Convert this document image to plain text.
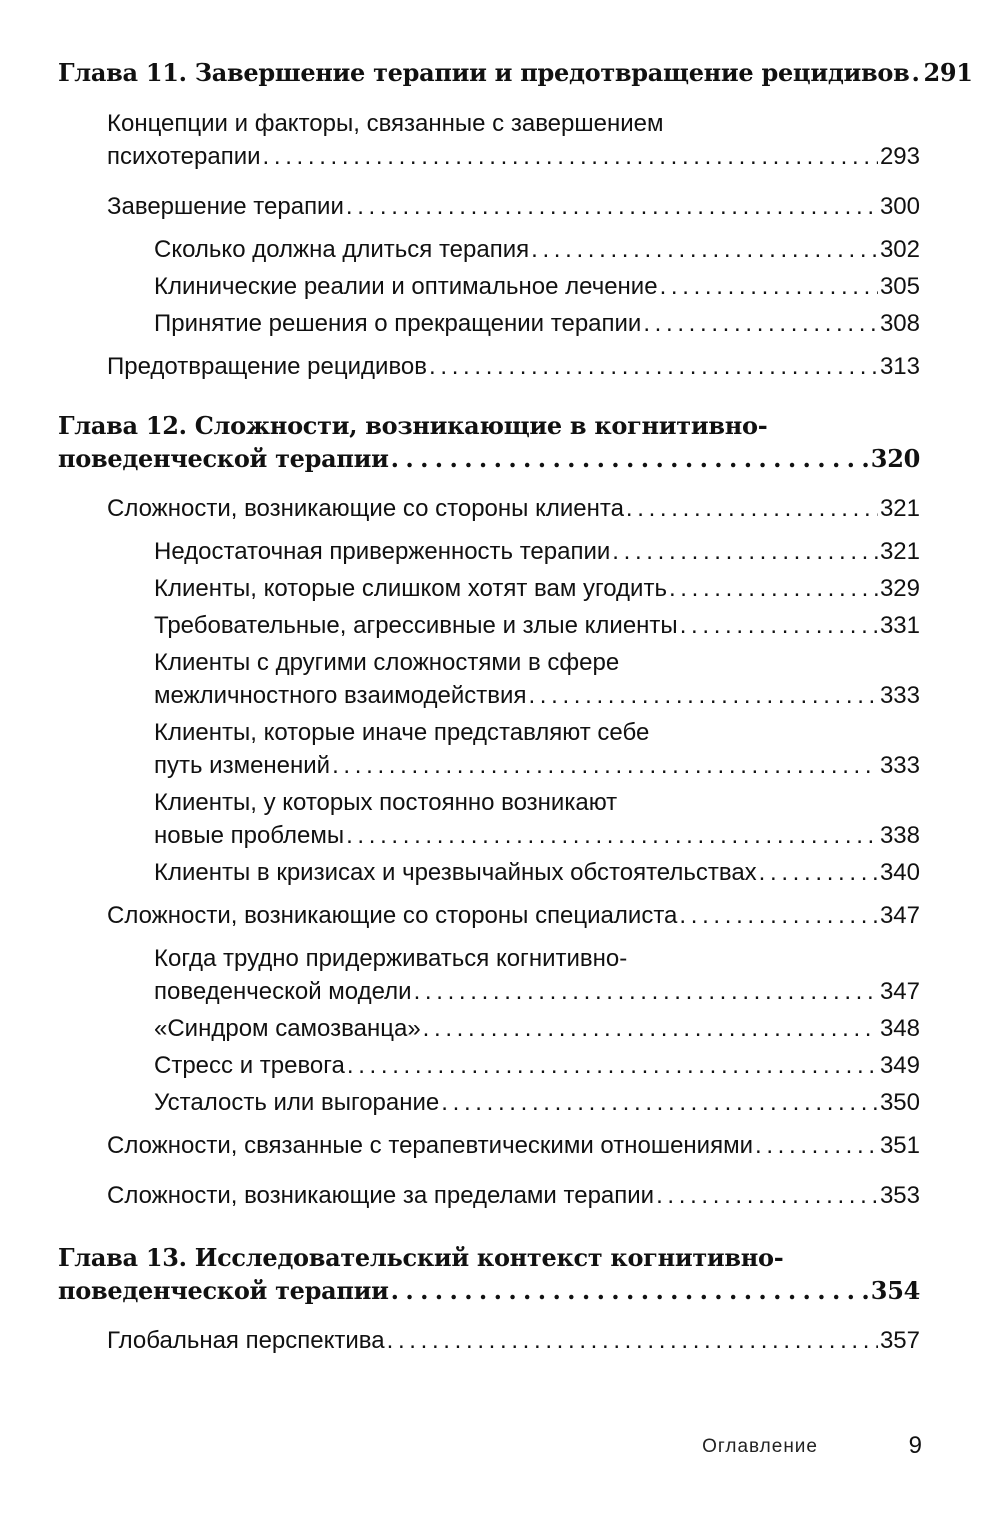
Глава 11. Завершение терапии и предотвращение рецидивов . . . 291
Концепции и факторы, связанные с завершением
психотерапии . . .	293
Завершение терапии . . .	300
Сколько должна длиться терапия . . .	302
Клинические реалии и оптимальное лечение . . .	305
Принятие решения о прекращении терапии . . .	308
Предотвращение рецидивов . . .	313
Глава 12. Сложности, возникающие в когнитивно-
поведенческой терапии . . .	320
Сложности, возникающие со стороны клиента . . .	321
Недостаточная приверженность терапии . . .	321
Клиенты, которые слишком хотят вам угодить . . .	329
Требовательные, агрессивные и злые клиенты . . .	331
Клиенты с другими сложностями в сфере
межличностного взаимодействия . . .	333
Клиенты, которые иначе представляют себе
путь изменений . . .	333
Клиенты, у которых постоянно возникают
новые проблемы . . .	338
Клиенты в кризисах и чрезвычайных обстоятельствах . . .	340
Сложности, возникающие со стороны специалиста . . .	347
Когда трудно придерживаться когнитивно-
поведенческой модели . . .	347
«Синдром самозванца» . . .	348
Стресс и тревога . . .	349
Усталость или выгорание . . .	350
Сложности, связанные с терапевтическими отношениями . . .	351
Сложности, возникающие за пределами терапии . . .	353
Глава 13. Исследовательский контекст когнитивно-
поведенческой терапии . . .	354
Глобальная перспектива . . .	357
Оглавление	9
